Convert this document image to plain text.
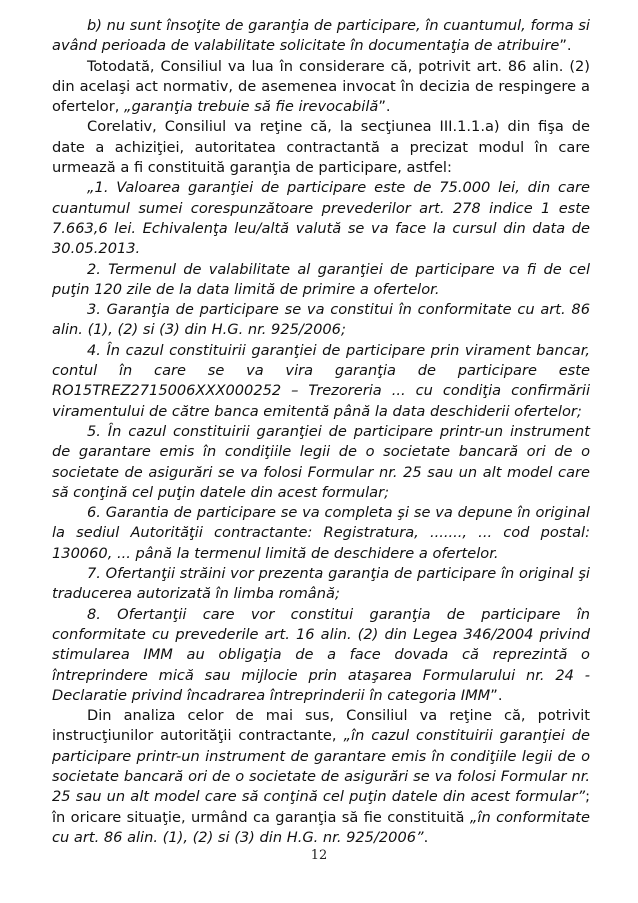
b) nu sunt însoţite de garanţia de participare, în cuantumul, forma si având perioada de valabilitate solicitate în documentaţia de atribuire”.

Totodată, Consiliul va lua în considerare că, potrivit art. 86 alin. (2) din acelaşi act normativ, de asemenea invocat în decizia de respingere a ofertelor, „garanţia trebuie să fie irevocabilă”.

Corelativ, Consiliul va reţine că, la secţiunea III.1.1.a) din fişa de date a achiziţiei, autoritatea contractantă a precizat modul în care urmează a fi constituită garanţia de participare, astfel:

„1. Valoarea garanţiei de participare este de 75.000 lei, din care cuantumul sumei corespunzătoare prevederilor art. 278 indice 1 este 7.663,6 lei. Echivalenţa leu/altă valută se va face la cursul din data de 30.05.2013.

2. Termenul de valabilitate al garanţiei de participare va fi de cel puţin 120 zile de la data limită de primire a ofertelor.

3. Garanţia de participare se va constitui în conformitate cu art. 86 alin. (1), (2) si (3) din H.G. nr. 925/2006;

4. În cazul constituirii garanţiei de participare prin virament bancar, contul în care se va vira garanţia de participare este RO15TREZ2715006XXX000252 – Trezoreria ... cu condiţia confirmării viramentului de către banca emitentă până la data deschiderii ofertelor;

5. În cazul constituirii garanţiei de participare printr-un instrument de garantare emis în condiţiile legii de o societate bancară ori de o societate de asigurări se va folosi Formular nr. 25 sau un alt model care să conţină cel puţin datele din acest formular;

6. Garantia de participare se va completa şi se va depune în original la sediul Autorităţii contractante: Registratura, ......., ... cod postal: 130060, ... până la termenul limită de deschidere a ofertelor.

7. Ofertanţii străini vor prezenta garanţia de participare în original şi traducerea autorizată în limba română;

8. Ofertanţii care vor constitui garanţia de participare în conformitate cu prevederile art. 16 alin. (2) din Legea 346/2004 privind stimularea IMM au obligaţia de a face dovada că reprezintă o întreprindere mică sau mijlocie prin ataşarea Formularului nr. 24 - Declaratie privind încadrarea întreprinderii în categoria IMM”.

Din analiza celor de mai sus, Consiliul va reţine că, potrivit instrucţiunilor autorităţii contractante, „în cazul constituirii garanţiei de participare printr-un instrument de garantare emis în condiţiile legii de o societate bancară ori de o societate de asigurări se va folosi Formular nr. 25 sau un alt model care să conţină cel puţin datele din acest formular”; în oricare situaţie, urmând ca garanţia să fie constituită „în conformitate cu art. 86 alin. (1), (2) si (3) din H.G. nr. 925/2006”.

12
